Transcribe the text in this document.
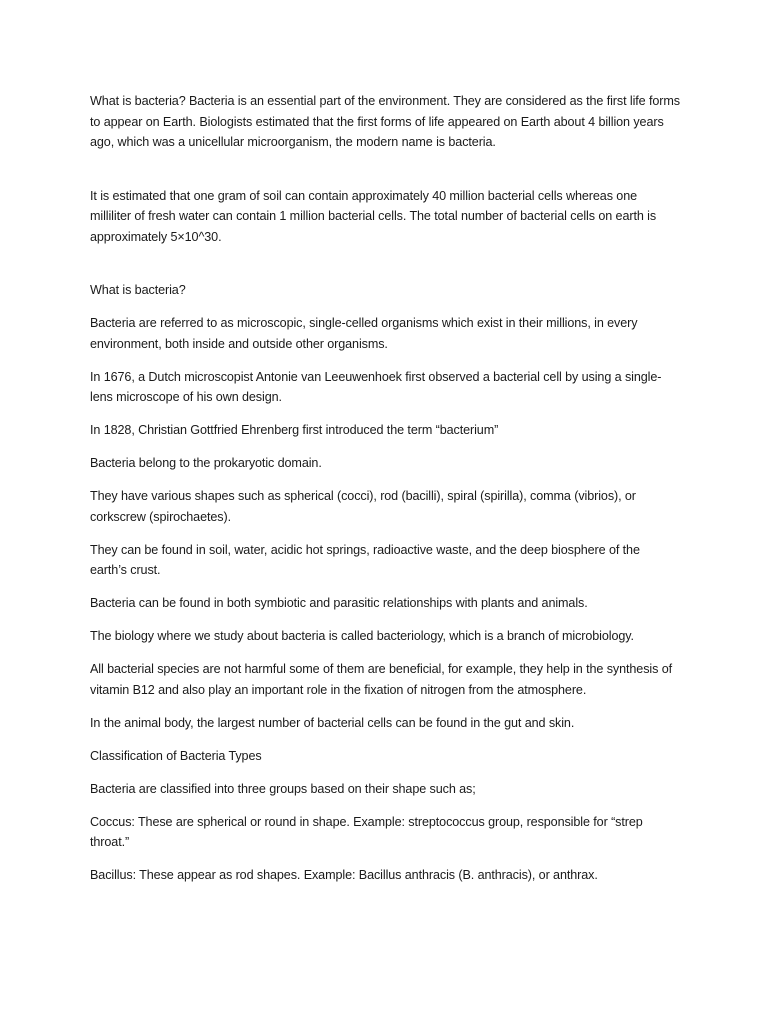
What is bacteria? Bacteria is an essential part of the environment. They are considered as the first life forms to appear on Earth. Biologists estimated that the first forms of life appeared on Earth about 4 billion years ago, which was a unicellular microorganism, the modern name is bacteria.

It is estimated that one gram of soil can contain approximately 40 million bacterial cells whereas one milliliter of fresh water can contain 1 million bacterial cells. The total number of bacterial cells on earth is approximately 5×10^30.

What is bacteria?

Bacteria are referred to as microscopic, single-celled organisms which exist in their millions, in every environment, both inside and outside other organisms.

In 1676, a Dutch microscopist Antonie van Leeuwenhoek first observed a bacterial cell by using a single-lens microscope of his own design.

In 1828, Christian Gottfried Ehrenberg first introduced the term “bacterium”

Bacteria belong to the prokaryotic domain.

They have various shapes such as spherical (cocci), rod (bacilli), spiral (spirilla), comma (vibrios), or corkscrew (spirochaetes).

They can be found in soil, water, acidic hot springs, radioactive waste, and the deep biosphere of the earth’s crust.

Bacteria can be found in both symbiotic and parasitic relationships with plants and animals.

The biology where we study about bacteria is called bacteriology, which is a branch of microbiology.

All bacterial species are not harmful some of them are beneficial, for example, they help in the synthesis of vitamin B12 and also play an important role in the fixation of nitrogen from the atmosphere.

In the animal body, the largest number of bacterial cells can be found in the gut and skin.

Classification of Bacteria Types

Bacteria are classified into three groups based on their shape such as;

Coccus: These are spherical or round in shape. Example: streptococcus group, responsible for “strep throat.”

Bacillus: These appear as rod shapes. Example: Bacillus anthracis (B. anthracis), or anthrax.
